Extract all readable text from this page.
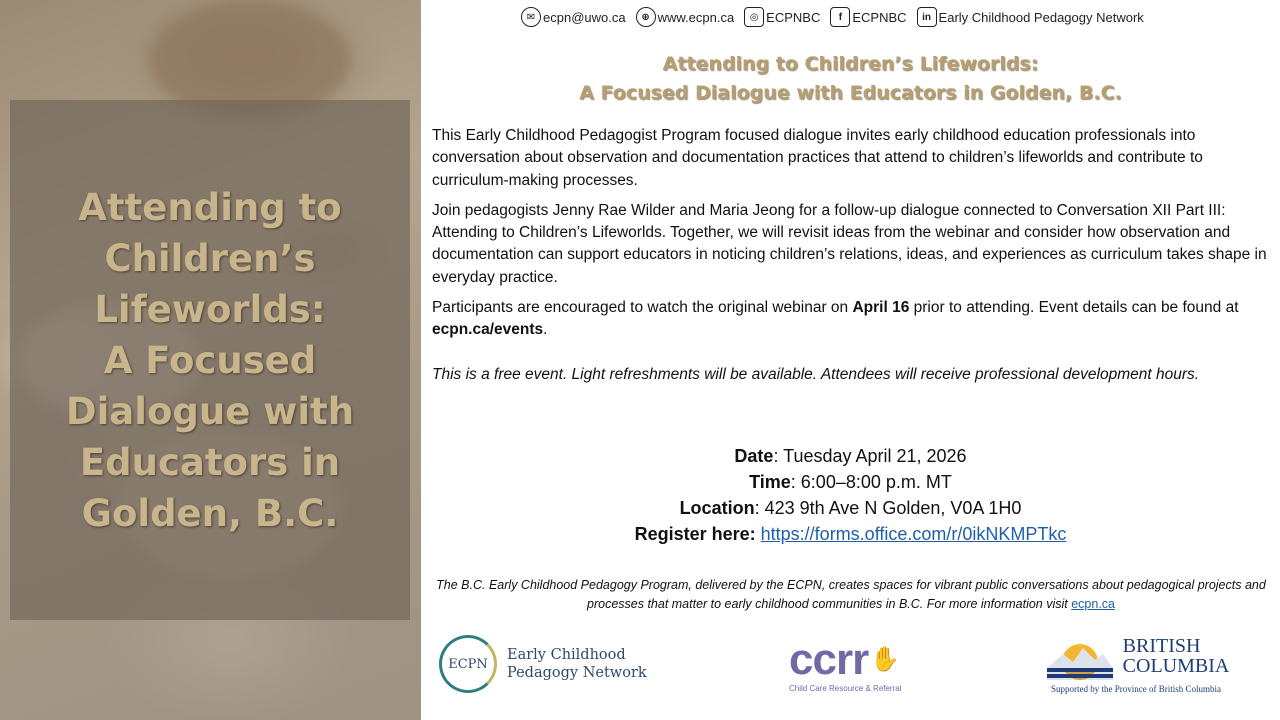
Attending to
Children’s
Lifeworlds:
A Focused
Dialogue with
Educators in
Golden, B.C.
✉ ecpn@uwo.ca	⊕ www.ecpn.ca	◎ ECPNBC	f ECPNBC	in Early Childhood Pedagogy Network
Attending to Children’s Lifeworlds:
A Focused Dialogue with Educators in Golden, B.C.

This Early Childhood Pedagogist Program focused dialogue invites early childhood education professionals into conversation about observation and documentation practices that attend to children’s lifeworlds and contribute to curriculum-making processes.

Join pedagogists Jenny Rae Wilder and Maria Jeong for a follow-up dialogue connected to Conversation XII Part III: Attending to Children’s Lifeworlds. Together, we will revisit ideas from the webinar and consider how observation and documentation can support educators in noticing children’s relations, ideas, and experiences as curriculum takes shape in everyday practice.

Participants are encouraged to watch the original webinar on April 16 prior to attending. Event details can be found at ecpn.ca/events.

This is a free event. Light refreshments will be available. Attendees will receive professional development hours.

Date: Tuesday April 21, 2026
Time: 6:00–8:00 p.m. MT
Location: 423 9th Ave N Golden, V0A 1H0
Register here: https://forms.office.com/r/0ikNKMPTkc
The B.C. Early Childhood Pedagogy Program, delivered by the ECPN, creates spaces for vibrant public conversations about pedagogical projects and processes that matter to early childhood communities in B.C. For more information visit ecpn.ca
ECPN
Early Childhood
Pedagogy Network	ccrr ✋
Child Care Resource & Referral
BRITISH
COLUMBIA
Supported by the Province of British Columbia
